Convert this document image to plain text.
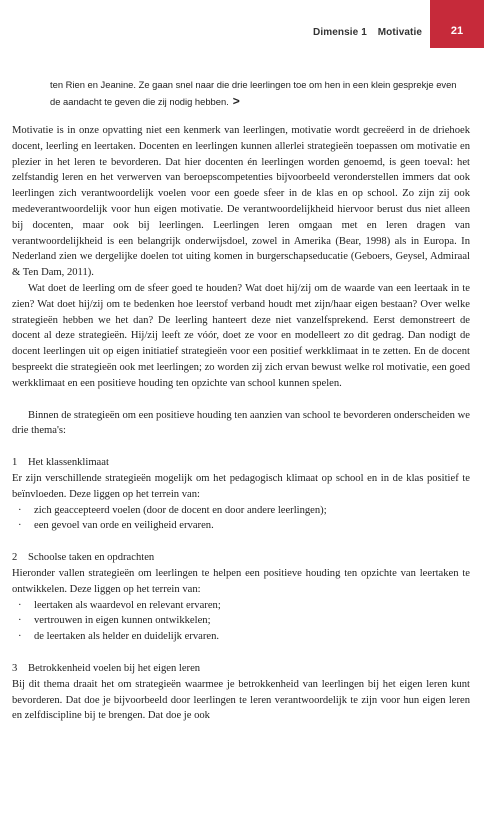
Dimensie 1 Motivatie	21
ten Rien en Jeanine. Ze gaan snel naar die drie leerlingen toe om hen in een klein gesprekje even de aandacht te geven die zij nodig hebben. >

Motivatie is in onze opvatting niet een kenmerk van leerlingen, motivatie wordt gecreëerd in de driehoek docent, leerling en leertaken. Docenten en leerlingen kunnen allerlei strategieën toepassen om motivatie en plezier in het leren te bevorderen. Dat hier docenten én leerlingen worden genoemd, is geen toeval: het zelfstandig leren en het verwerven van beroepscompetenties bijvoorbeeld veronderstellen immers dat ook leerlingen zich verantwoordelijk voelen voor een goede sfeer in de klas en op school. Zo zijn zij ook medeverantwoordelijk voor hun eigen motivatie. De verantwoordelijkheid hiervoor berust dus niet alleen bij docenten, maar ook bij leerlingen. Leerlingen leren omgaan met en leren dragen van verantwoordelijkheid is een belangrijk onderwijsdoel, zowel in Amerika (Bear, 1998) als in Europa. In Nederland zien we dergelijke doelen tot uiting komen in burgerschapseducatie (Geboers, Geysel, Admiraal & Ten Dam, 2011).

Wat doet de leerling om de sfeer goed te houden? Wat doet hij/zij om de waarde van een leertaak in te zien? Wat doet hij/zij om te bedenken hoe leerstof verband houdt met zijn/haar eigen bestaan? Over welke strategieën hebben we het dan? De leerling hanteert deze niet vanzelfsprekend. Eerst demonstreert de docent al deze strategieën. Hij/zij leeft ze vóór, doet ze voor en modelleert zo dit gedrag. Dan nodigt de docent leerlingen uit op eigen initiatief strategieën voor een positief werkklimaat in te zetten. En de docent bespreekt die strategieën ook met leerlingen; zo worden zij zich ervan bewust welke rol motivatie, een goed werkklimaat en een positieve houding ten opzichte van school kunnen spelen.

Binnen de strategieën om een positieve houding ten aanzien van school te bevorderen onderscheiden we drie thema's:

1 Het klassenklimaat

Er zijn verschillende strategieën mogelijk om het pedagogisch klimaat op school en in de klas positief te beïnvloeden. Deze liggen op het terrein van:

· zich geaccepteerd voelen (door de docent en door andere leerlingen);
· een gevoel van orde en veiligheid ervaren.

2 Schoolse taken en opdrachten

Hieronder vallen strategieën om leerlingen te helpen een positieve houding ten opzichte van leertaken te ontwikkelen. Deze liggen op het terrein van:

· leertaken als waardevol en relevant ervaren;
· vertrouwen in eigen kunnen ontwikkelen;
· de leertaken als helder en duidelijk ervaren.

3 Betrokkenheid voelen bij het eigen leren

Bij dit thema draait het om strategieën waarmee je betrokkenheid van leerlingen bij het eigen leren kunt bevorderen. Dat doe je bijvoorbeeld door leerlingen te leren verantwoordelijk te zijn voor hun eigen leren en zelfdiscipline bij te brengen. Dat doe je ook
